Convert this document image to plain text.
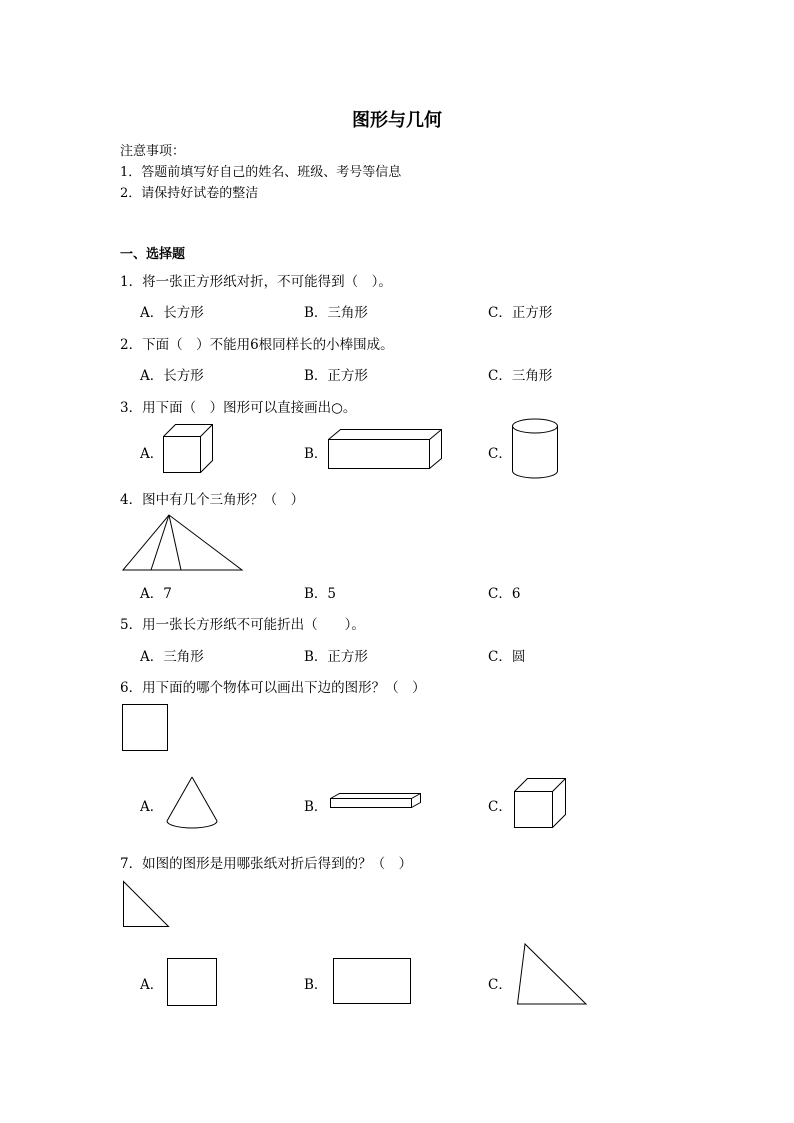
图形与几何
注意事项：
1．答题前填写好自己的姓名、班级、考号等信息
2．请保持好试卷的整洁
一、选择题
1．将一张正方形纸对折，不可能得到（　）。
A．长方形	B．三角形	C．正方形
2．下面（　）不能用6根同样长的小棒围成。
A．长方形	B．正方形	C．三角形
3．用下面（　）图形可以直接画出○。
A．	B．	C．
4．图中有几个三角形？（　）
A．7	B．5	C．6
5．用一张长方形纸不可能折出（　　）。
A．三角形	B．正方形	C．圆
6．用下面的哪个物体可以画出下边的图形？（　）
A．	B．	C．
7．如图的图形是用哪张纸对折后得到的？（　）
A．	B．	C．
